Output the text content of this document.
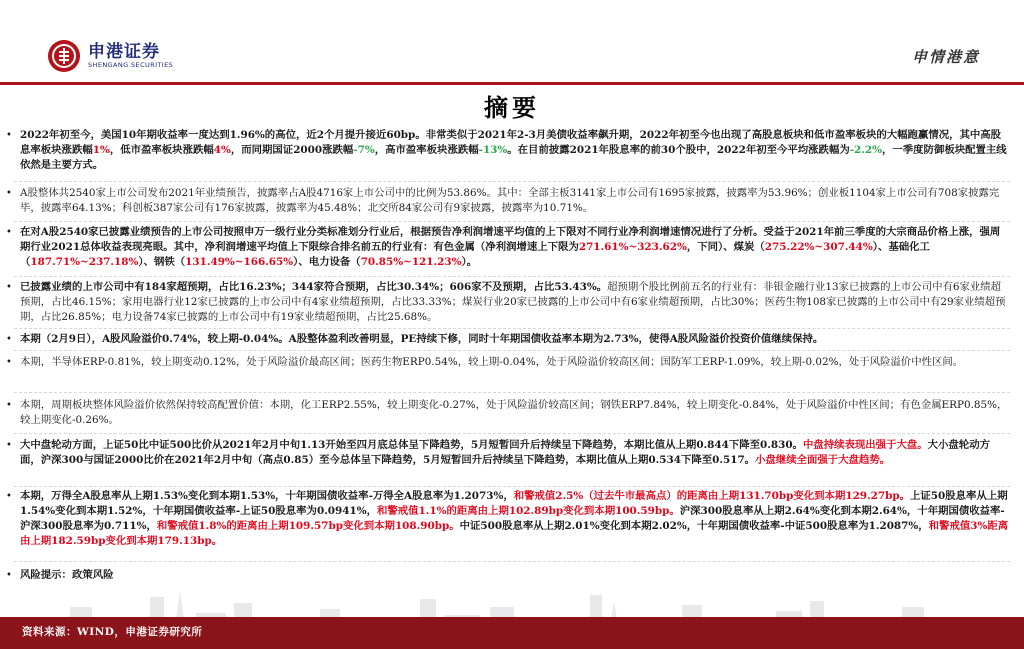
申港证券
SHENGANG SECURITIES	申情港意
摘要
• 2022年初至今，美国10年期收益率一度达到1.96%的高位，近2个月提升接近60bp。非常类似于2021年2-3月美债收益率飙升期，2022年初至今也出现了高股息板块和低市盈率板块的大幅跑赢情况，其中高股息率板块涨跌幅1%，低市盈率板块涨跌幅4%，而同期国证2000涨跌幅-7%，高市盈率板块涨跌幅-13%。在目前披露2021年股息率的前30个股中，2022年初至今平均涨跌幅为-2.2%，一季度防御板块配置主线依然是主要方式。
• A股整体共2540家上市公司发布2021年业绩预告，披露率占A股4716家上市公司中的比例为53.86%。其中：全部主板3141家上市公司有1695家披露，披露率为53.96%；创业板1104家上市公司有708家披露完毕，披露率64.13%；科创板387家公司有176家披露，披露率为45.48%；北交所84家公司有9家披露，披露率为10.71%。
• 在对A股2540家已披露业绩预告的上市公司按照申万一级行业分类标准划分行业后，根据预告净利润增速平均值的上下限对不同行业净利润增速情况进行了分析。受益于2021年前三季度的大宗商品价格上涨，强周期行业2021总体收益表现亮眼。其中，净利润增速平均值上下限综合排名前五的行业有：有色金属（净利润增速上下限为271.61%~323.62%，下同）、煤炭（275.22%~307.44%）、基础化工（187.71%~237.18%）、钢铁（131.49%~166.65%）、电力设备（70.85%~121.23%）。
• 已披露业绩的上市公司中有184家超预期，占比16.23%；344家符合预期，占比30.34%；606家不及预期，占比53.43%。超预期个股比例前五名的行业有：非银金融行业13家已披露的上市公司中有6家业绩超预期，占比46.15%；家用电器行业12家已披露的上市公司中有4家业绩超预期，占比33.33%；煤炭行业20家已披露的上市公司中有6家业绩超预期，占比30%；医药生物108家已披露的上市公司中有29家业绩超预期，占比26.85%；电力设备74家已披露的上市公司中有19家业绩超预期，占比25.68%。
• 本期（2月9日），A股风险溢价0.74%，较上期-0.04%。A股整体盈利改善明显，PE持续下修，同时十年期国债收益率本期为2.73%，使得A股风险溢价投资价值继续保持。
• 本期，半导体ERP-0.81%，较上期变动0.12%，处于风险溢价最高区间；医药生物ERP0.54%，较上期-0.04%，处于风险溢价较高区间；国防军工ERP-1.09%，较上期-0.02%，处于风险溢价中性区间。
• 本期，周期板块整体风险溢价依然保持较高配置价值：本期，化工ERP2.55%，较上期变化-0.27%，处于风险溢价较高区间；钢铁ERP7.84%，较上期变化-0.84%，处于风险溢价中性区间；有色金属ERP0.85%，较上期变化-0.26%。
• 大中盘轮动方面，上证50比中证500比价从2021年2月中旬1.13开始至四月底总体呈下降趋势，5月短暂回升后持续呈下降趋势，本期比值从上期0.844下降至0.830。中盘持续表现出强于大盘。大小盘轮动方面，沪深300与国证2000比价在2021年2月中旬（高点0.85）至今总体呈下降趋势，5月短暂回升后持续呈下降趋势，本期比值从上期0.534下降至0.517。小盘继续全面强于大盘趋势。
• 本期，万得全A股息率从上期1.53%变化到本期1.53%，十年期国债收益率-万得全A股息率为1.2073%，和警戒值2.5%（过去牛市最高点）的距离由上期131.70bp变化到本期129.27bp。上证50股息率从上期1.54%变化到本期1.52%，十年期国债收益率-上证50股息率为0.0941%，和警戒值1.1%的距离由上期102.89bp变化到本期100.59bp。沪深300股息率从上期2.64%变化到本期2.64%，十年期国债收益率-沪深300股息率为0.711%，和警戒值1.8%的距离由上期109.57bp变化到本期108.90bp。中证500股息率从上期2.01%变化到本期2.02%，十年期国债收益率-中证500股息率为1.2087%，和警戒值3%距离由上期182.59bp变化到本期179.13bp。
• 风险提示：政策风险
资料来源：WIND，申港证券研究所
